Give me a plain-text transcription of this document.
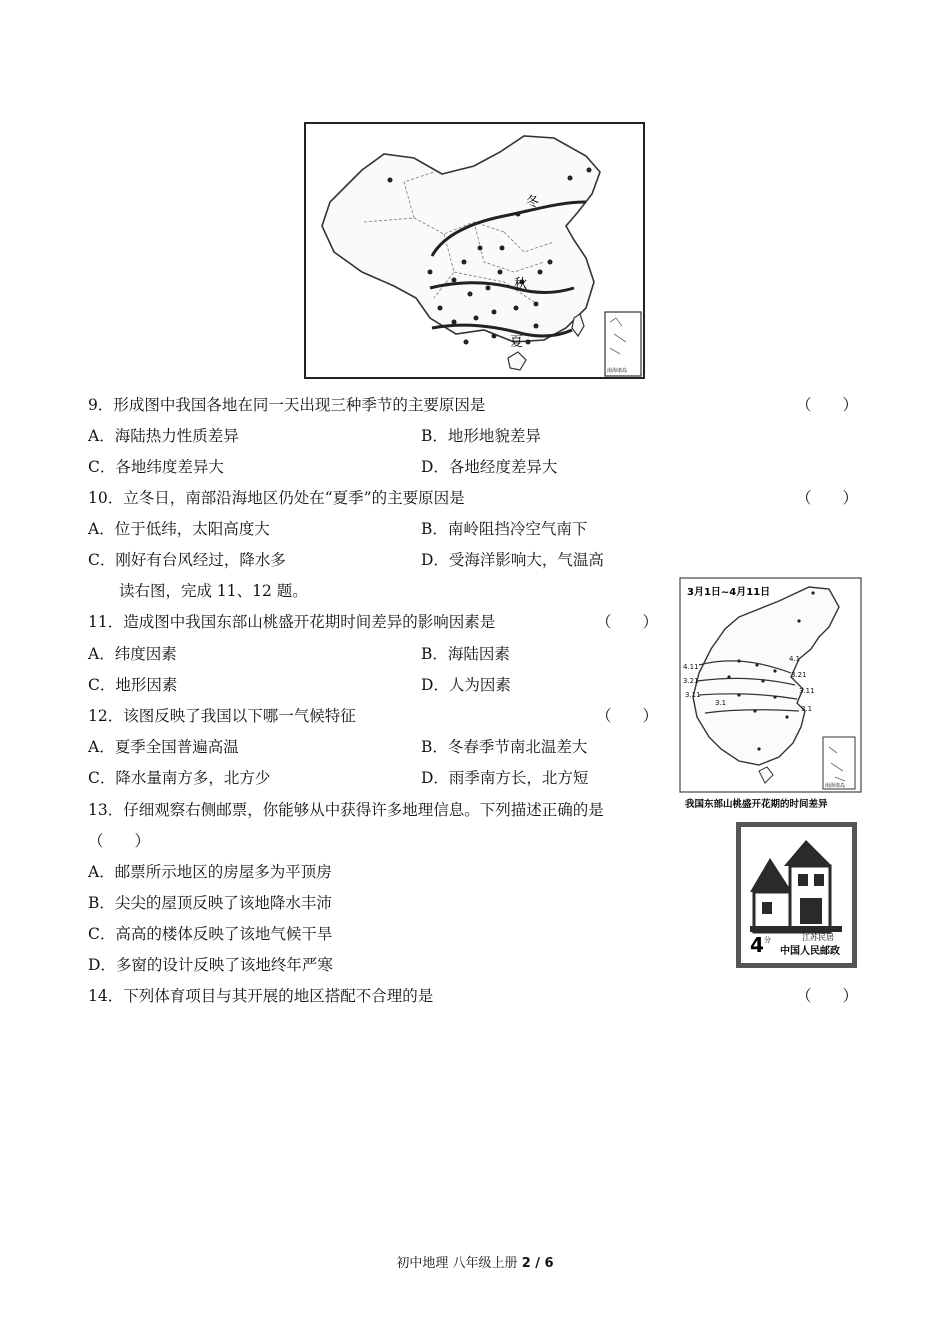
冬
秋
夏
南海诸岛
3月1日~4月11日
4.11
3.21
3.11
3.1
4.1
3.21
3.11
3.1
南海诸岛
我国东部山桃盛开花期的时间差异
4 分	江苏民居
中国人民邮政
9．形成图中我国各地在同一天出现三种季节的主要原因是	（　　）
A．海陆热力性质差异	B．地形地貌差异
C．各地纬度差异大	D．各地经度差异大
10．立冬日，南部沿海地区仍处在“夏季”的主要原因是	（　　）
A．位于低纬，太阳高度大	B．南岭阻挡冷空气南下
C．刚好有台风经过，降水多	D．受海洋影响大，气温高
读右图，完成 11、12 题。
11．造成图中我国东部山桃盛开花期时间差异的影响因素是	（　　）
A．纬度因素	B．海陆因素
C．地形因素	D．人为因素
12．该图反映了我国以下哪一气候特征	（　　）
A．夏季全国普遍高温	B．冬春季节南北温差大
C．降水量南方多，北方少	D．雨季南方长，北方短
13．仔细观察右侧邮票，你能够从中获得许多地理信息。下列描述正确的是
（　　）
A．邮票所示地区的房屋多为平顶房
B．尖尖的屋顶反映了该地降水丰沛
C．高高的楼体反映了该地气候干旱
D．多窗的设计反映了该地终年严寒
14．下列体育项目与其开展的地区搭配不合理的是	（　　）
初中地理 八年级上册 2 / 6
